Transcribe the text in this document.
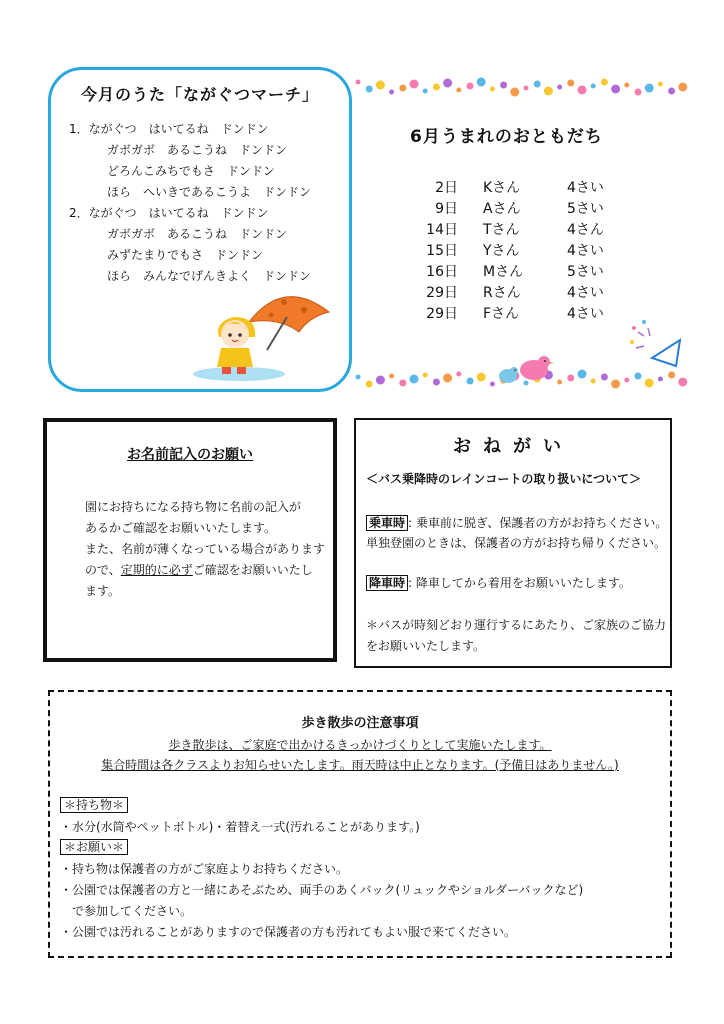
今月のうた「ながぐつマーチ」
1．ながぐつ　はいてるね　ドンドン
ガボガボ　あるこうね　ドンドン
どろんこみちでもさ　ドンドン
ほら　へいきであるこうよ　ドンドン
2．ながぐつ　はいてるね　ドンドン
ガボガボ　あるこうね　ドンドン
みずたまりでもさ　ドンドン
ほら　みんなでげんきよく　ドンドン
6月うまれのおともだち
2日 Kさん	4さい
9日 Aさん	5さい
14日 Tさん	4さん
15日 Yさん	4さい
16日 Mさん	5さい
29日 Rさん	4さい
29日 Fさん	4さい
お名前記入のお願い
園にお持ちになる持ち物に名前の記入が
あるかご確認をお願いいたします。
また、名前が薄くなっている場合があります
ので、定期的に必ずご確認をお願いいたし
ます。
おねがい
＜バス乗降時のレインコートの取り扱いについて＞
乗車時 : 乗車前に脱ぎ、保護者の方がお持ちください。
単独登園のときは、保護者の方がお持ち帰りください。
降車時 : 降車してから着用をお願いいたします。
＊バスが時刻どおり運行するにあたり、ご家族のご協力
をお願いいたします。
歩き散歩の注意事項
歩き散歩は、ご家庭で出かけるきっかけづくりとして実施いたします。
集合時間は各クラスよりお知らせいたします。雨天時は中止となります。(予備日はありません。)
＊持ち物＊
・水分(水筒やペットボトル)・着替え一式(汚れることがあります。)
＊お願い＊
・持ち物は保護者の方がご家庭よりお持ちください。
・公園では保護者の方と一緒にあそぶため、両手のあくバック(リュックやショルダーバックなど)
で参加してください。
・公園では汚れることがありますので保護者の方も汚れてもよい服で来てください。
